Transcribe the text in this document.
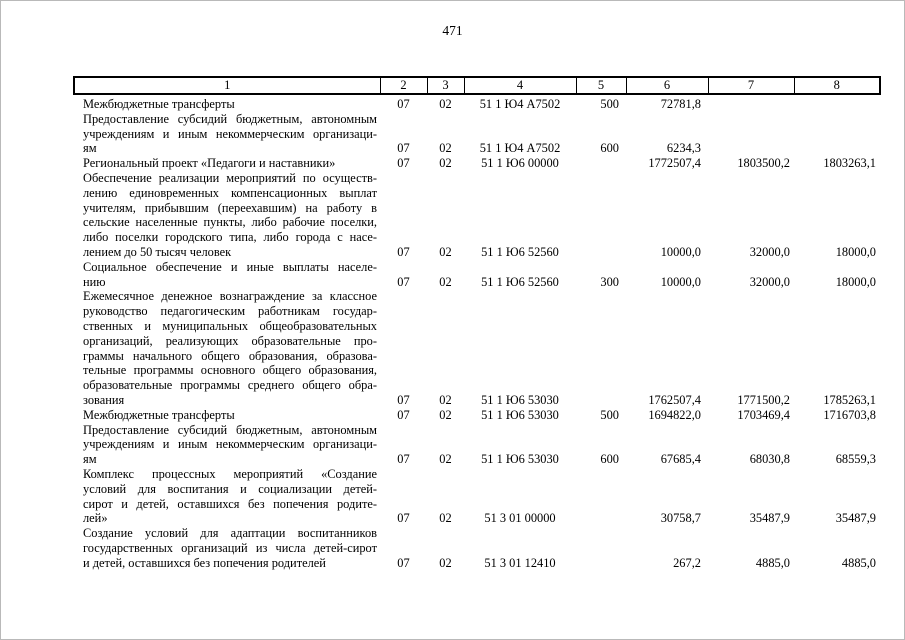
471
1	2	3	4	5	6	7	8

Межбюджетные трансферты	07	02	51 1 Ю4 А7502	500	72781,8		

Предоставление субсидий бюджетным, автономным
учреждениям и иным некоммерческим организаци-
ям	07	02	51 1 Ю4 А7502	600	6234,3		

Региональный проект «Педагоги и наставники»	07	02	51 1 Ю6 00000		1772507,4	1803500,2	1803263,1

Обеспечение реализации мероприятий по осуществ-
лению единовременных компенсационных выплат
учителям, прибывшим (переехавшим) на работу в
сельские населенные пункты, либо рабочие поселки,
либо поселки городского типа, либо города с насе-
лением до 50 тысяч человек	07	02	51 1 Ю6 52560		10000,0	32000,0	18000,0

Социальное обеспечение и иные выплаты населе-
нию	07	02	51 1 Ю6 52560	300	10000,0	32000,0	18000,0

Ежемесячное денежное вознаграждение за классное
руководство педагогическим работникам государ-
ственных и муниципальных общеобразовательных
организаций, реализующих образовательные про-
граммы начального общего образования, образова-
тельные программы основного общего образования,
образовательные программы среднего общего обра-
зования	07	02	51 1 Ю6 53030		1762507,4	1771500,2	1785263,1

Межбюджетные трансферты	07	02	51 1 Ю6 53030	500	1694822,0	1703469,4	1716703,8

Предоставление субсидий бюджетным, автономным
учреждениям и иным некоммерческим организаци-
ям	07	02	51 1 Ю6 53030	600	67685,4	68030,8	68559,3

Комплекс процессных мероприятий «Создание
условий для воспитания и социализации детей-
сирот и детей, оставшихся без попечения родите-
лей»	07	02	51 3 01 00000		30758,7	35487,9	35487,9

Создание условий для адаптации воспитанников
государственных организаций из числа детей-сирот
и детей, оставшихся без попечения родителей	07	02	51 3 01 12410		267,2	4885,0	4885,0
